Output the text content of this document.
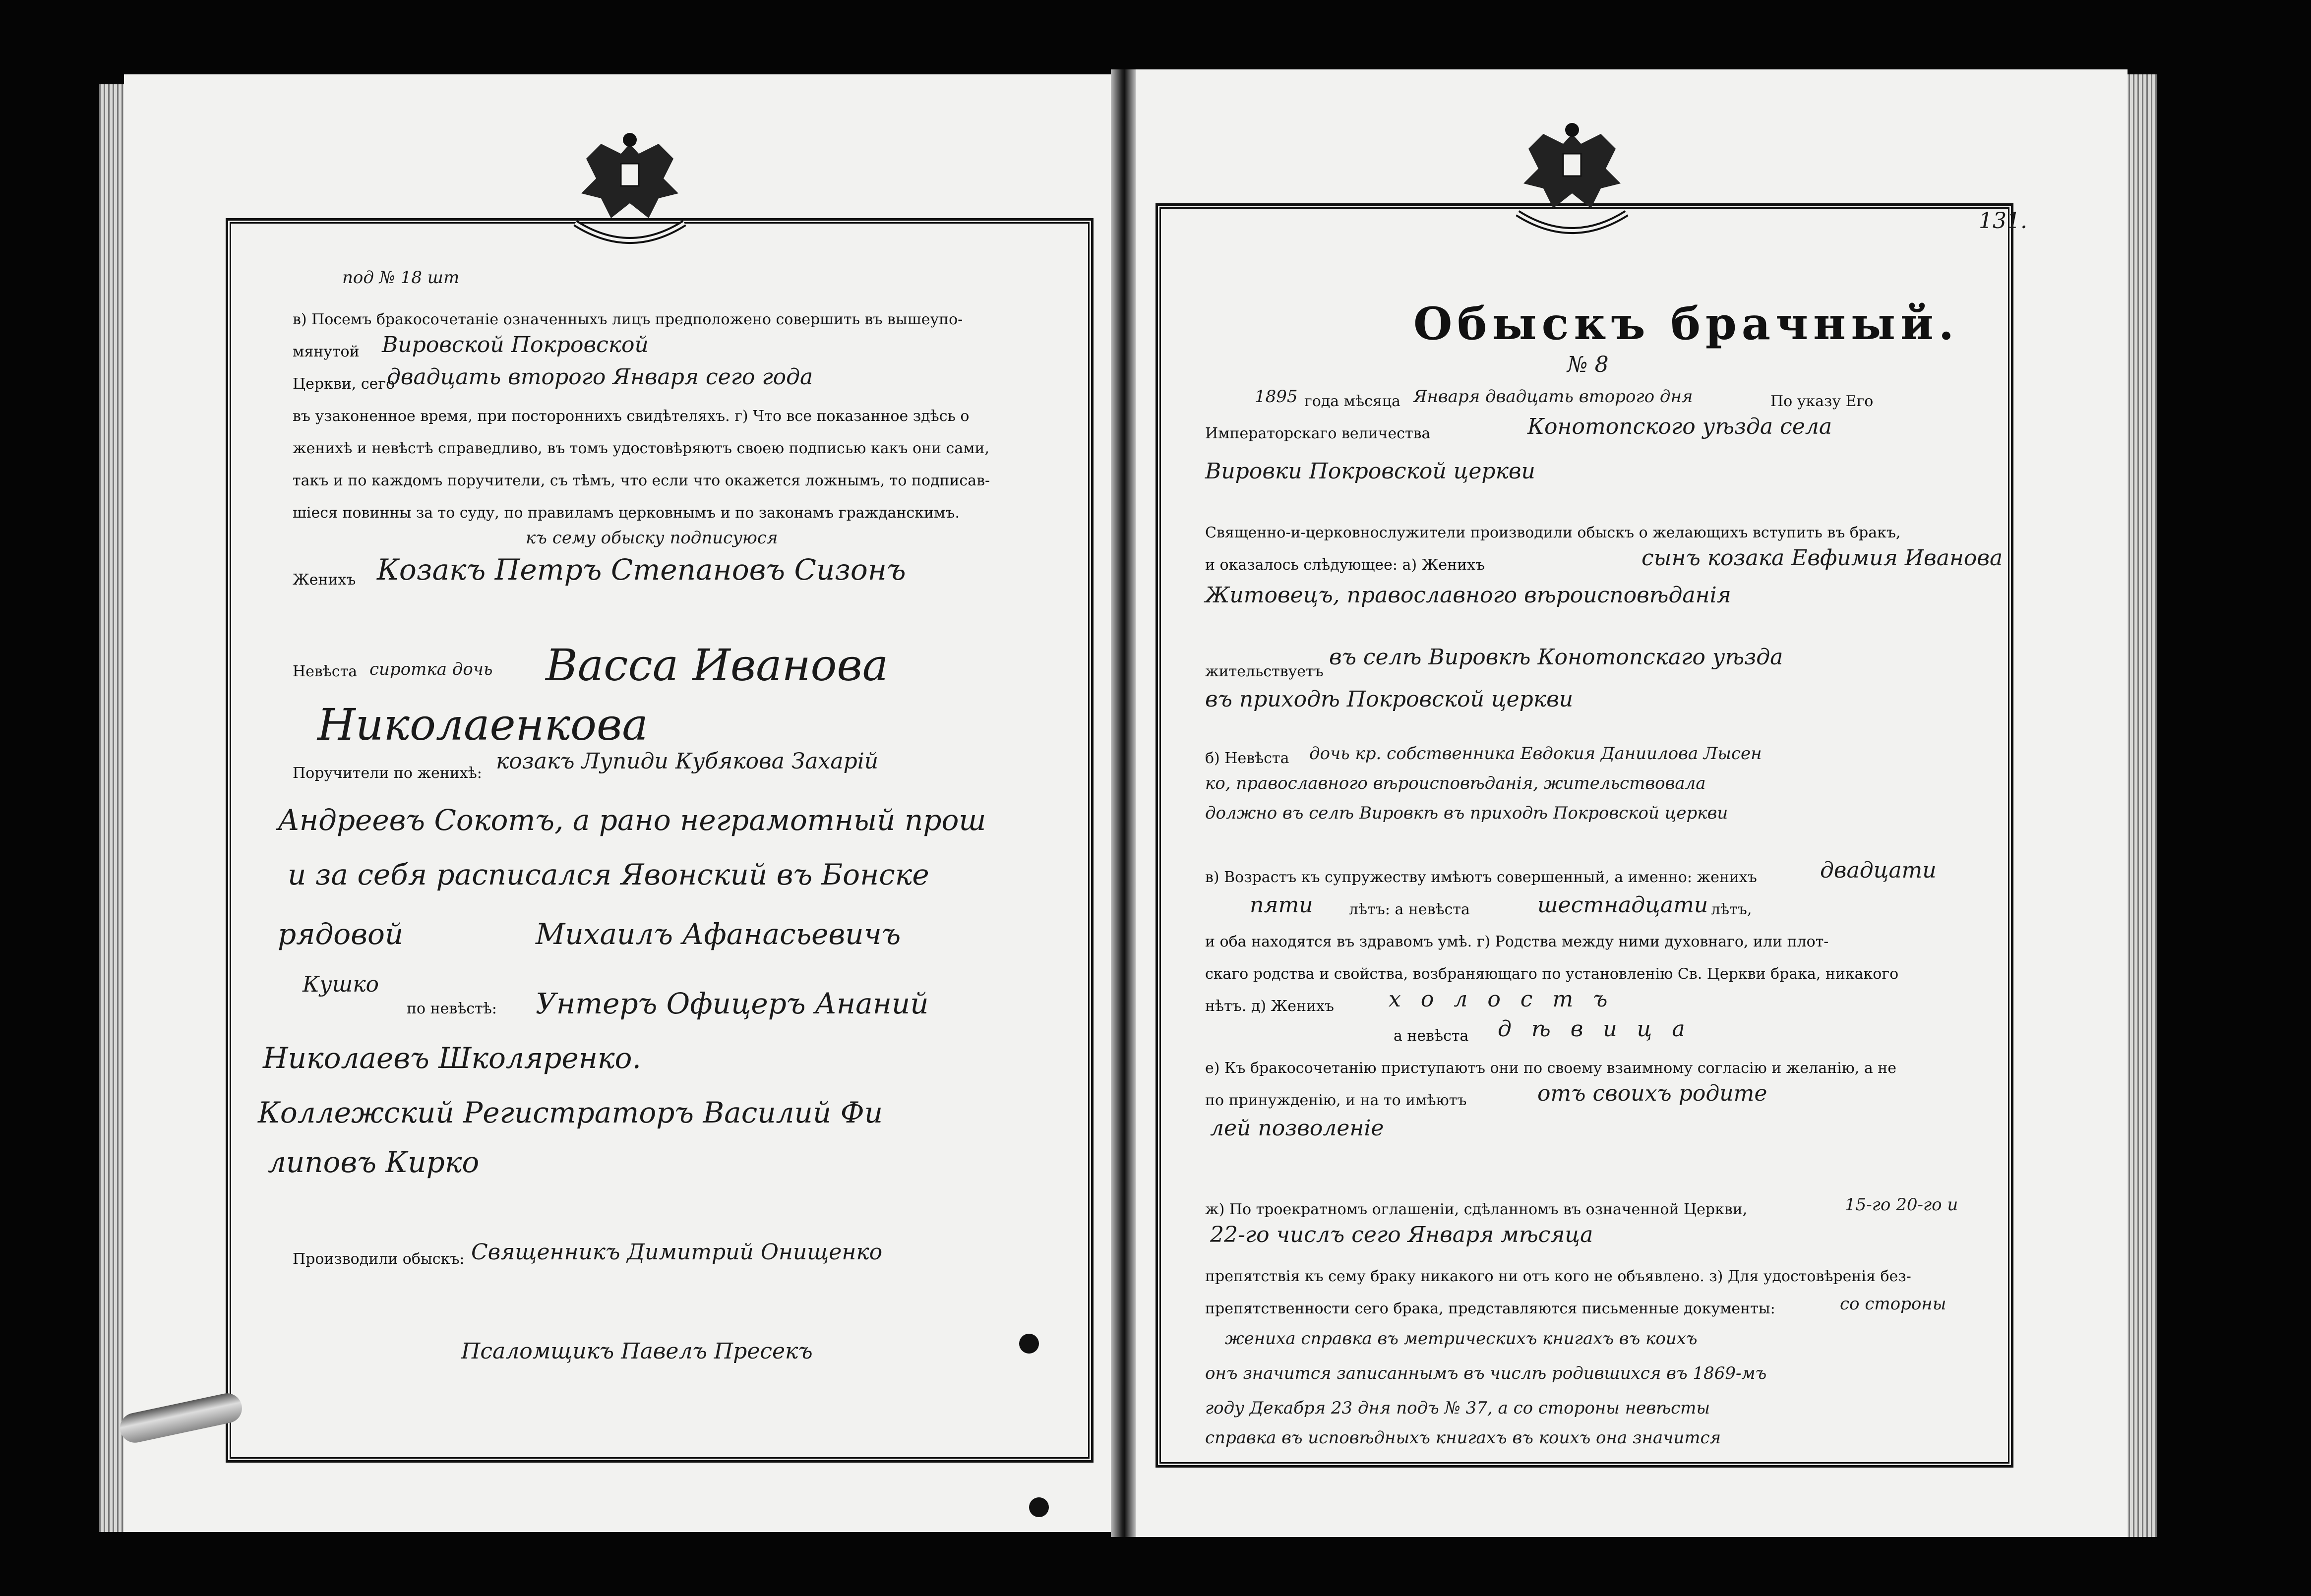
под № 18 шт
в) Посемъ бракосочетаніе означенныхъ лицъ предположено совершить въ вышеупо-
мянутой Вировской Покровской
Церкви, сего
двадцать второго Января сего года
въ узаконенное время, при постороннихъ свидѣтеляхъ. г) Что все показанное здѣсь о
женихѣ и невѣстѣ справедливо, въ томъ удостовѣряютъ своею подписью какъ они сами,
такъ и по каждомъ поручители, съ тѣмъ, что если что окажется ложнымъ, то подписав-
шіеся повинны за то суду, по правиламъ церковнымъ и по законамъ гражданскимъ.
къ сему обыску подписуюся
Женихъ Козакъ Петръ Степановъ Сизонъ
Невѣста сиротка дочь Васса Иванова
Николаенкова
Поручители по женихѣ: козакъ Лупиди Кубякова Захарiй
Андреевъ Сокотъ, а рано неграмотный прош
и за себя расписался Явонский въ Бонске
рядовой	Михаилъ Афанасьевичъ
Кушко
по невѣстѣ: Унтеръ Офицеръ Ананий
Николаевъ Школяренко.
Коллежский Регистраторъ Василий Фи
липовъ Кирко
Производили обыскъ: Священникъ Димитрий Онищенко
Псаломщикъ Павелъ Пресекъ
131.
Обыскъ брачный.
№ 8
1895 года мѣсяца Января двадцать второго дня	По указу Его
Императорскаго величества	Конотопского уѣзда села
Вировки Покровской церкви
Священно-и-церковнослужители производили обыскъ о желающихъ вступить въ бракъ,
и оказалось слѣдующее: а) Женихъ	сынъ козака Евфимия Иванова
Житовецъ, православного вѣроисповѣданія
жительствуетъ
въ селѣ Вировкѣ Конотопскаго уѣзда
въ приходѣ Покровской церкви
б) Невѣста дочь кр. собственника Евдокия Даниилова Лысен
ко, православного вѣроисповѣданія, жительствовала
должно въ селѣ Вировкѣ въ приходѣ Покровской церкви
в) Возрастъ къ супружеству имѣютъ совершенный, а именно: женихъ	двадцати
пяти лѣтъ: а невѣста	шестнадцати лѣтъ,
и оба находятся въ здравомъ умѣ. г) Родства между ними духовнаго, или плот-
скаго родства и свойства, возбраняющаго по установленію Св. Церкви брака, никакого
нѣтъ. д) Женихъ холостъ
а невѣста дѣвица
е) Къ бракосочетанію приступаютъ они по своему взаимному согласію и желанію, а не
по принужденію, и на то имѣютъ	отъ своихъ родите
лей позволеніе
ж) По троекратномъ оглашеніи, сдѣланномъ въ означенной Церкви,	15-го 20-го и
22-го числъ сего Января мѣсяца
препятствія къ сему браку никакого ни отъ кого не объявлено. з) Для удостовѣренія без-
препятственности сего брака, представляются письменные документы:	со стороны
жениха справка въ метрическихъ книгахъ въ коихъ
онъ значится записаннымъ въ числѣ родившихся въ 1869-мъ
году Декабря 23 дня подъ № 37, а со стороны невѣсты
справка въ исповѣдныхъ книгахъ въ коихъ она значится
